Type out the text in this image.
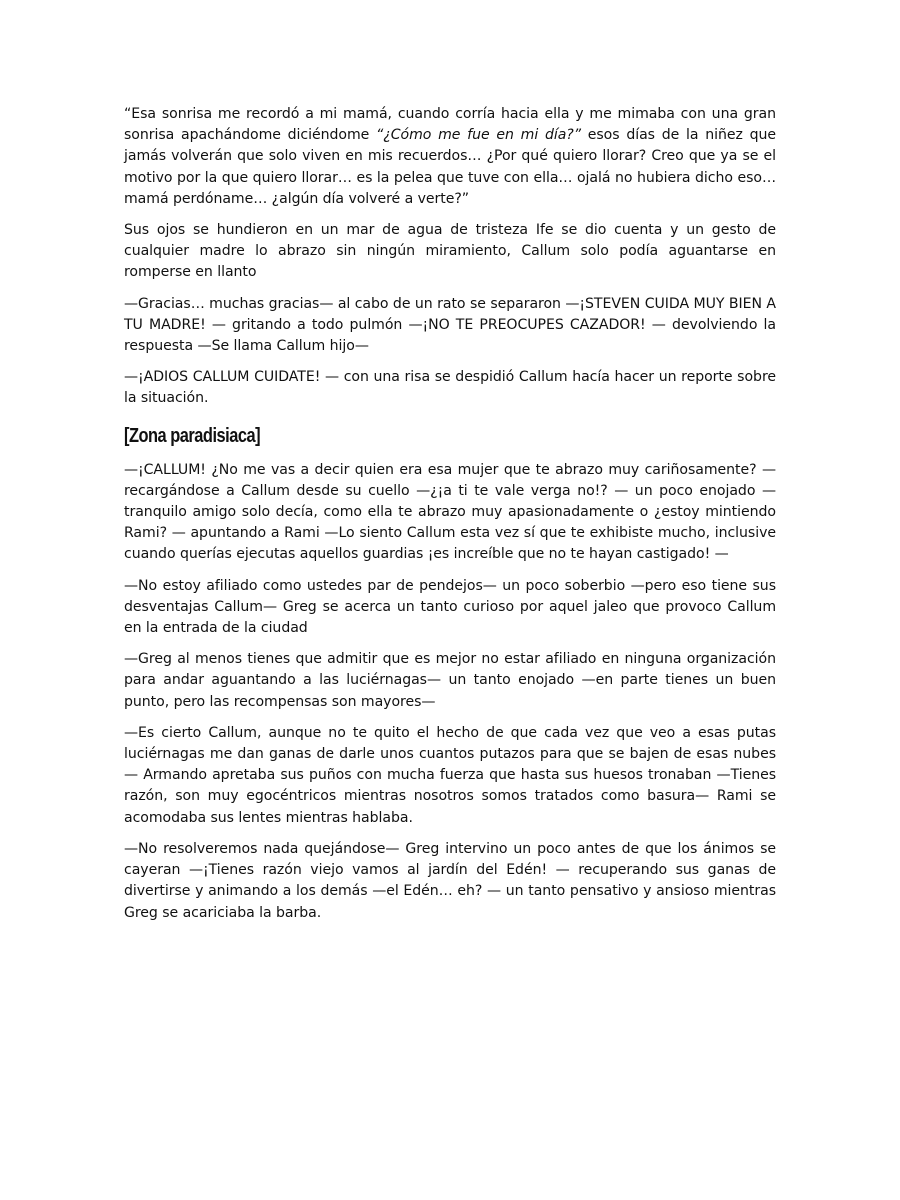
“Esa sonrisa me recordó a mi mamá, cuando corría hacia ella y me mimaba con una gran sonrisa apachándome diciéndome “¿Cómo me fue en mi día?” esos días de la niñez que jamás volverán que solo viven en mis recuerdos… ¿Por qué quiero llorar? Creo que ya se el motivo por la que quiero llorar… es la pelea que tuve con ella… ojalá no hubiera dicho eso… mamá perdóname… ¿algún día volveré a verte?”

Sus ojos se hundieron en un mar de agua de tristeza Ife se dio cuenta y un gesto de cualquier madre lo abrazo sin ningún miramiento, Callum solo podía aguantarse en romperse en llanto

—Gracias… muchas gracias— al cabo de un rato se separaron —¡STEVEN CUIDA MUY BIEN A TU MADRE! — gritando a todo pulmón —¡NO TE PREOCUPES CAZADOR! — devolviendo la respuesta —Se llama Callum hijo—

—¡ADIOS CALLUM CUIDATE! — con una risa se despidió Callum hacía hacer un reporte sobre la situación.

[Zona paradisiaca]

—¡CALLUM! ¿No me vas a decir quien era esa mujer que te abrazo muy cariñosamente? —recargándose a Callum desde su cuello —¿¡a ti te vale verga no!? — un poco enojado —tranquilo amigo solo decía, como ella te abrazo muy apasionadamente o ¿estoy mintiendo Rami? — apuntando a Rami —Lo siento Callum esta vez sí que te exhibiste mucho, inclusive cuando querías ejecutas aquellos guardias ¡es increíble que no te hayan castigado! —

—No estoy afiliado como ustedes par de pendejos— un poco soberbio —pero eso tiene sus desventajas Callum— Greg se acerca un tanto curioso por aquel jaleo que provoco Callum en la entrada de la ciudad

—Greg al menos tienes que admitir que es mejor no estar afiliado en ninguna organización para andar aguantando a las luciérnagas— un tanto enojado —en parte tienes un buen punto, pero las recompensas son mayores—

—Es cierto Callum, aunque no te quito el hecho de que cada vez que veo a esas putas luciérnagas me dan ganas de darle unos cuantos putazos para que se bajen de esas nubes— Armando apretaba sus puños con mucha fuerza que hasta sus huesos tronaban —Tienes razón, son muy egocéntricos mientras nosotros somos tratados como basura— Rami se acomodaba sus lentes mientras hablaba.

—No resolveremos nada quejándose— Greg intervino un poco antes de que los ánimos se cayeran —¡Tienes razón viejo vamos al jardín del Edén! — recuperando sus ganas de divertirse y animando a los demás —el Edén… eh? — un tanto pensativo y ansioso mientras Greg se acariciaba la barba.
